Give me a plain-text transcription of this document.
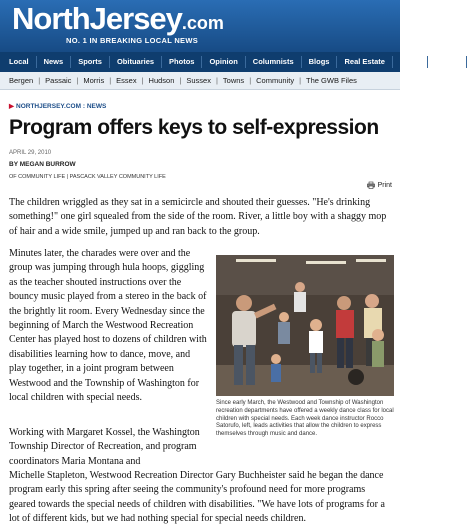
NorthJersey.com
NO. 1 IN BREAKING LOCAL NEWS
Local	News	Sports	Obituaries	Photos	Opinion	Columnists	Blogs	Real Estate	A & E	Events
Bergen | Passaic | Morris | Essex | Hudson | Sussex | Towns | Community | The GWB Files
▶ NORTHJERSEY.COM : NEWS
Program offers keys to self-expression
APRIL 29, 2010
BY MEGAN BURROW
OF COMMUNITY LIFE | PASCACK VALLEY COMMUNITY LIFE
Print

The children wriggled as they sat in a semicircle and shouted their guesses. "He's drinking something!" one girl squealed from the side of the room. River, a little boy with a shaggy mop of hair and a wide smile, jumped up and ran back to the group.

Minutes later, the charades were over and the group was jumping through hula hoops, giggling as the teacher shouted instructions over the bouncy music played from a stereo in the back of the brightly lit room. Every Wednesday since the beginning of March the Westwood Recreation Center has played host to dozens of children with disabilities learning how to dance, move, and play together, in a joint program between Westwood and the Township of Washington for local children with special needs.	Since early March, the Westwood and Township of Washington recreation departments have offered a weekly dance class for local children with special needs. Each week dance instructor Rocco Satorufo, left, leads activities that allow the children to express themselves through music and dance.

Working with Margaret Kossel, the Washington Township Director of Recreation, and program coordinators Maria Montana and

Michelle Stapleton, Westwood Recreation Director Gary Buchheister said he began the dance program early this spring after seeing the community's profound need for more programs geared towards the special needs of children with disabilities. "We have lots of programs for a lot of different kids, but we had nothing special for special needs children.
